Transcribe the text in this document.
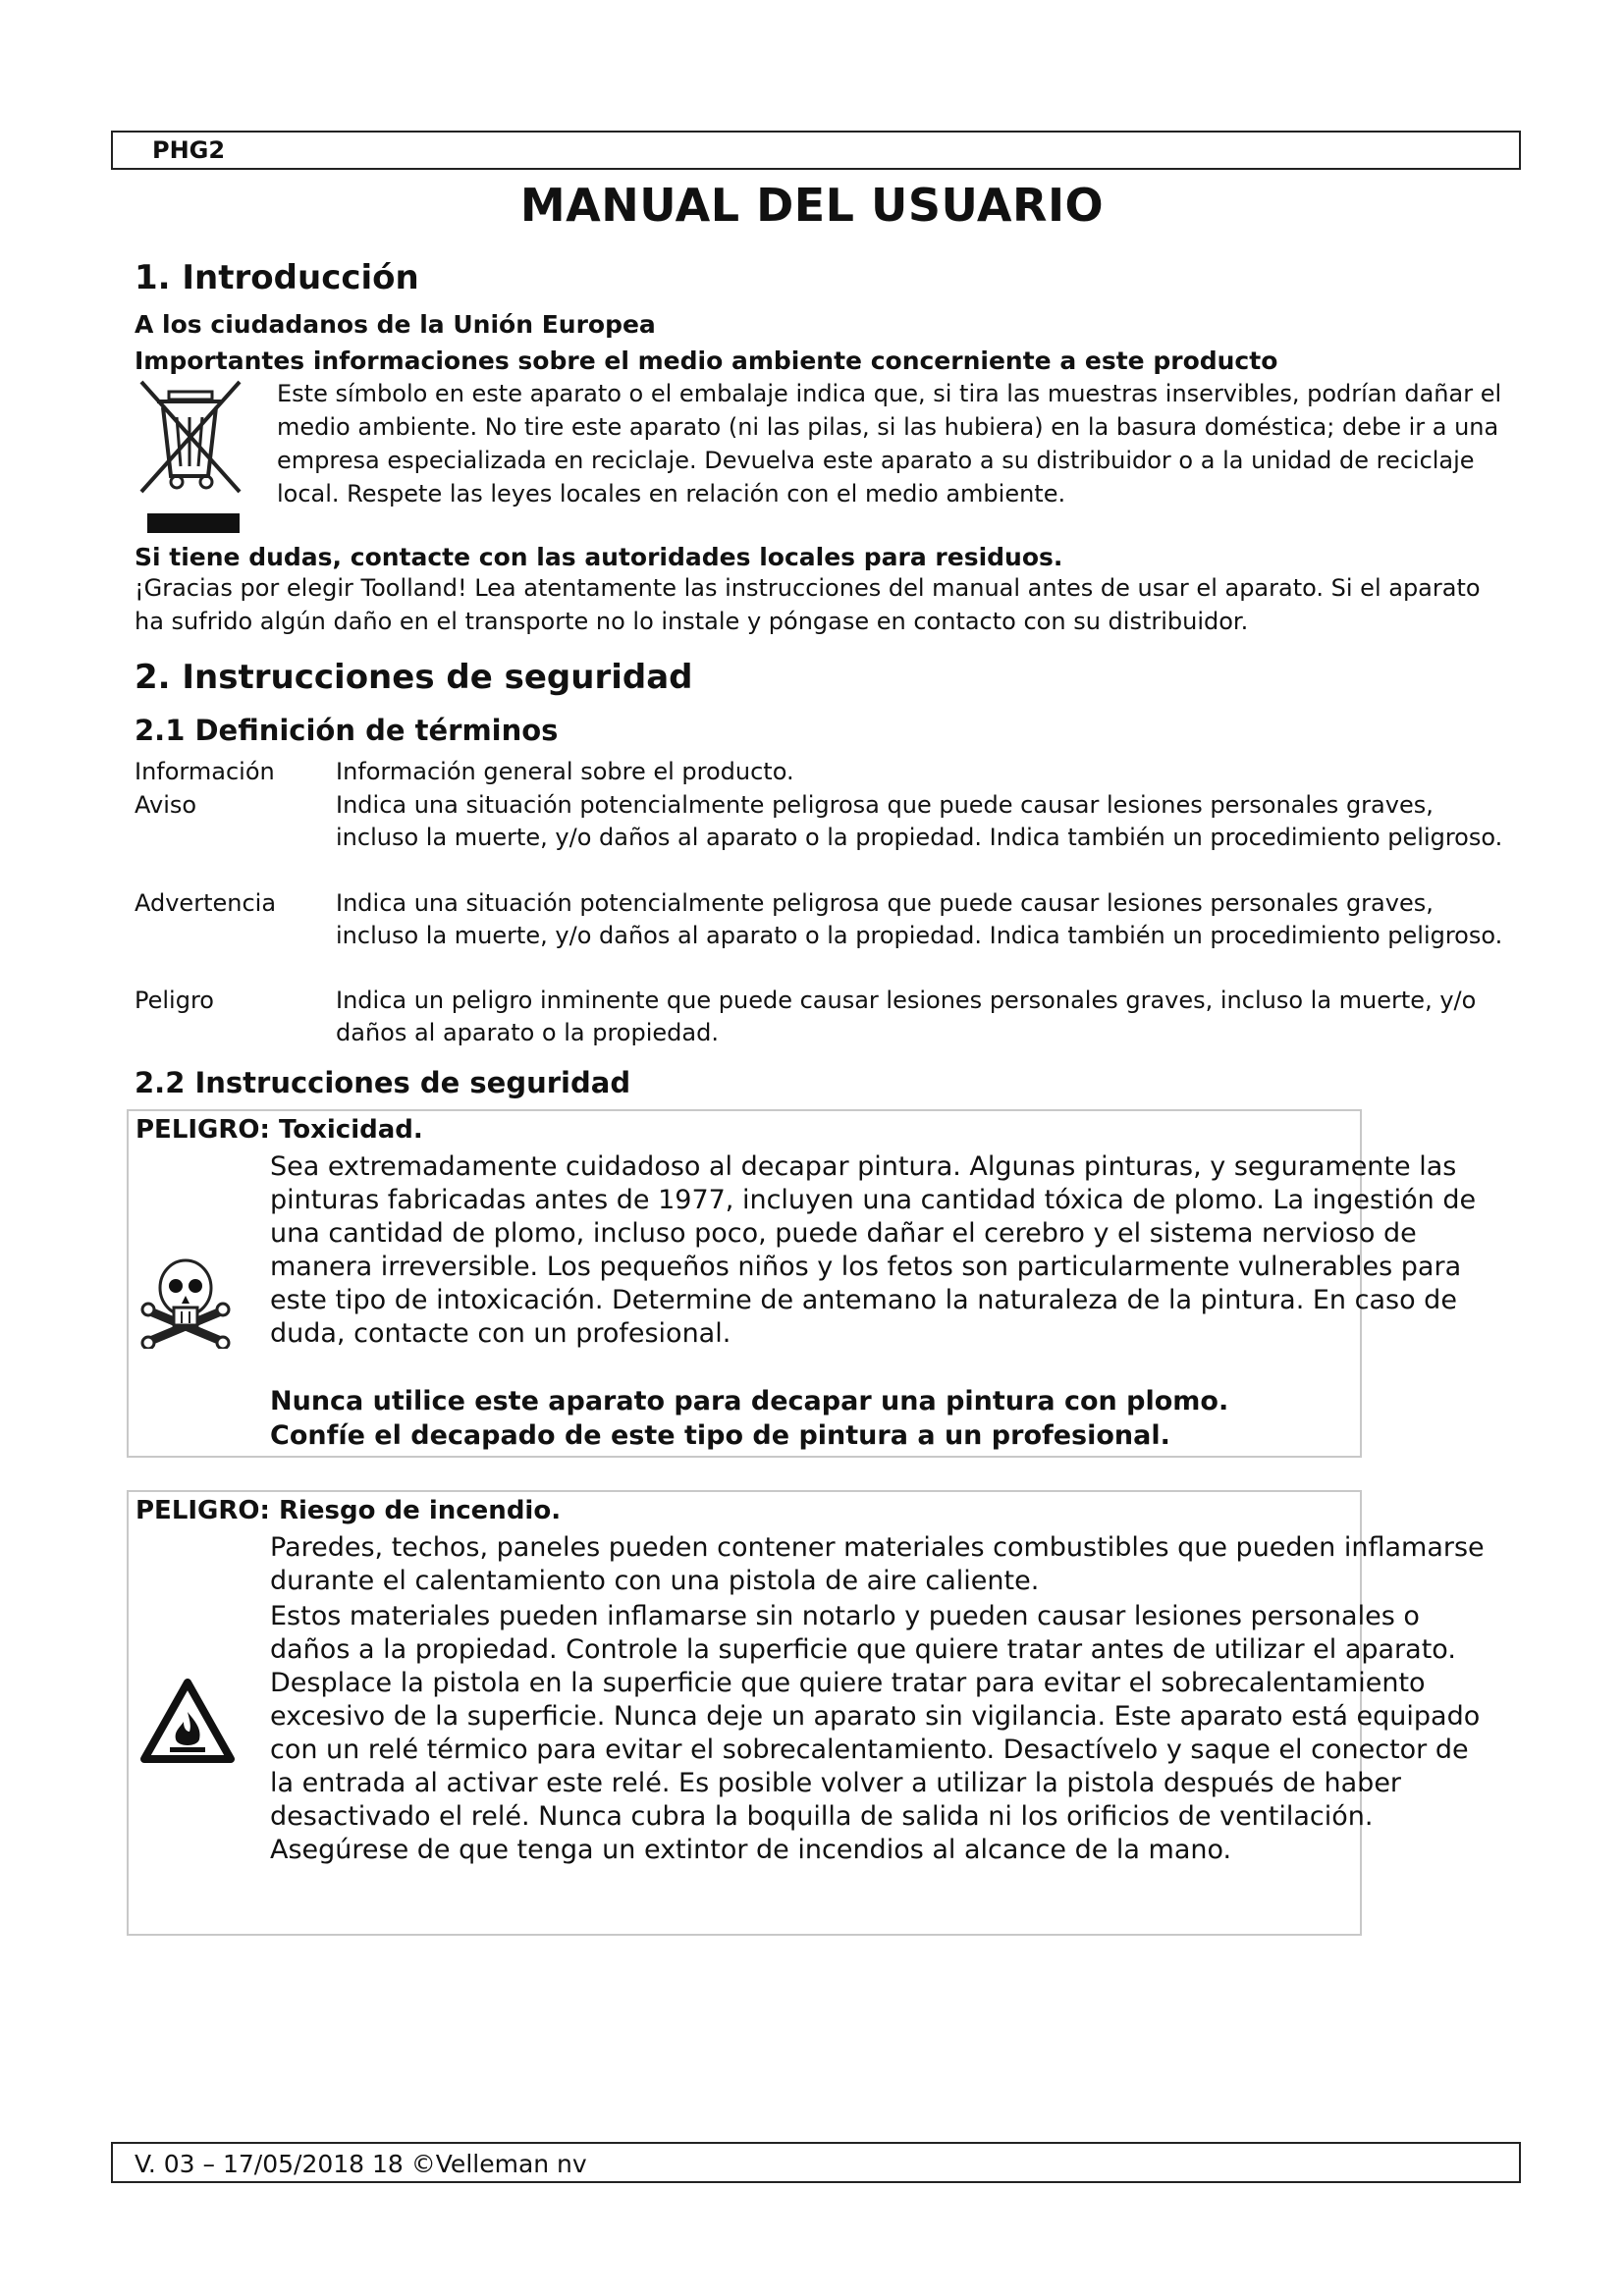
PHG2
MANUAL DEL USUARIO
1. Introducción
A los ciudadanos de la Unión Europea
Importantes informaciones sobre el medio ambiente concerniente a este producto

Este símbolo en este aparato o el embalaje indica que, si tira las muestras inservibles, podrían dañar el medio ambiente. No tire este aparato (ni las pilas, si las hubiera) en la basura doméstica; debe ir a una empresa especializada en reciclaje. Devuelva este aparato a su distribuidor o a la unidad de reciclaje local. Respete las leyes locales en relación con el medio ambiente.

Si tiene dudas, contacte con las autoridades locales para residuos.

¡Gracias por elegir Toolland! Lea atentamente las instrucciones del manual antes de usar el aparato. Si el aparato ha sufrido algún daño en el transporte no lo instale y póngase en contacto con su distribuidor.

2. Instrucciones de seguridad
2.1 Definición de términos
Información	Información general sobre el producto.
Aviso	Indica una situación potencialmente peligrosa que puede causar lesiones personales graves, incluso la muerte, y/o daños al aparato o la propiedad. Indica también un procedimiento peligroso.
Advertencia	Indica una situación potencialmente peligrosa que puede causar lesiones personales graves, incluso la muerte, y/o daños al aparato o la propiedad. Indica también un procedimiento peligroso.
Peligro	Indica un peligro inminente que puede causar lesiones personales graves, incluso la muerte, y/o daños al aparato o la propiedad.
2.2 Instrucciones de seguridad
PELIGRO: Toxicidad.

Sea extremadamente cuidadoso al decapar pintura. Algunas pinturas, y seguramente las pinturas fabricadas antes de 1977, incluyen una cantidad tóxica de plomo. La ingestión de una cantidad de plomo, incluso poco, puede dañar el cerebro y el sistema nervioso de manera irreversible. Los pequeños niños y los fetos son particularmente vulnerables para este tipo de intoxicación. Determine de antemano la naturaleza de la pintura. En caso de duda, contacte con un profesional.

Nunca utilice este aparato para decapar una pintura con plomo.
Confíe el decapado de este tipo de pintura a un profesional.
PELIGRO: Riesgo de incendio.

Paredes, techos, paneles pueden contener materiales combustibles que pueden inflamarse durante el calentamiento con una pistola de aire caliente.

Estos materiales pueden inflamarse sin notarlo y pueden causar lesiones personales o daños a la propiedad. Controle la superficie que quiere tratar antes de utilizar el aparato. Desplace la pistola en la superficie que quiere tratar para evitar el sobrecalentamiento excesivo de la superficie. Nunca deje un aparato sin vigilancia. Este aparato está equipado con un relé térmico para evitar el sobrecalentamiento. Desactívelo y saque el conector de la entrada al activar este relé. Es posible volver a utilizar la pistola después de haber desactivado el relé. Nunca cubra la boquilla de salida ni los orificios de ventilación. Asegúrese de que tenga un extintor de incendios al alcance de la mano.

V. 03 – 17/05/2018 18 ©Velleman nv
